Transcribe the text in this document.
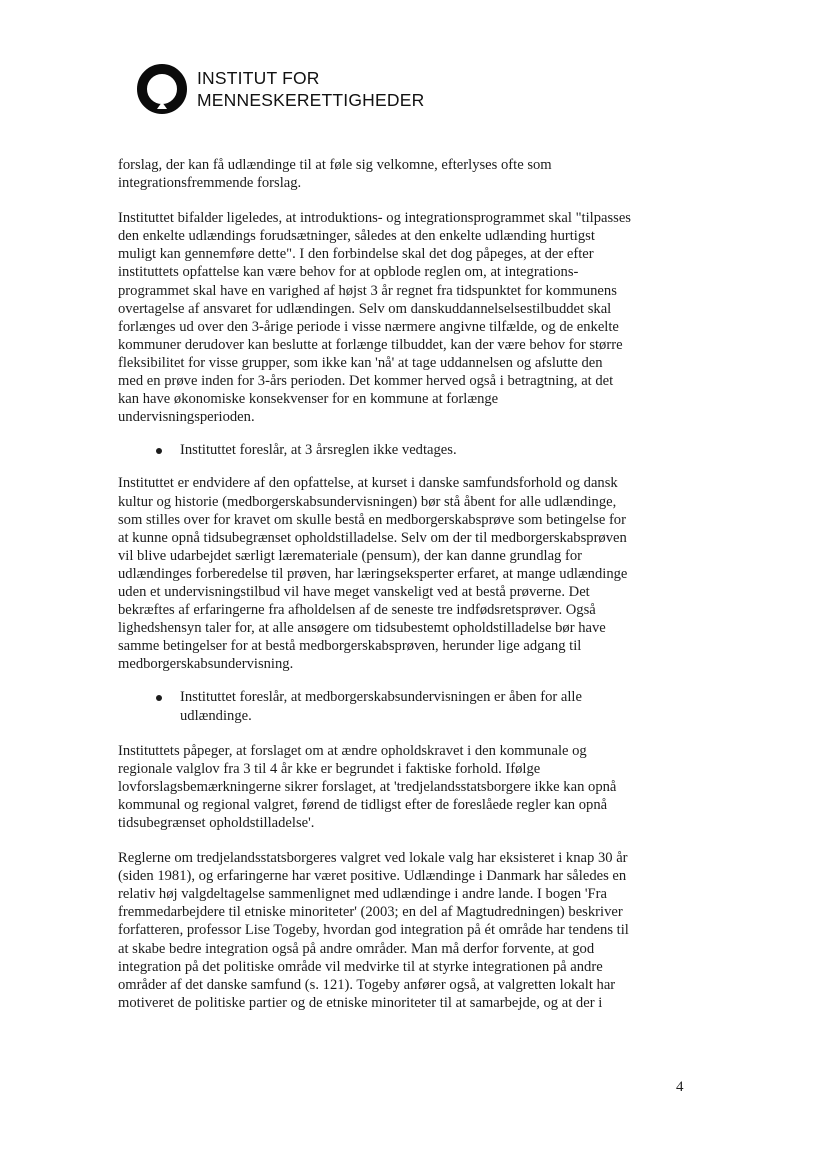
INSTITUT FOR
MENNESKERETTIGHEDER
forslag, der kan få udlændinge til at føle sig velkomne, efterlyses ofte som
integrationsfremmende forslag.
Instituttet bifalder ligeledes, at introduktions- og integrationsprogrammet skal "tilpasses
den enkelte udlændings forudsætninger, således at den enkelte udlænding hurtigst
muligt kan gennemføre dette". I den forbindelse skal det dog påpeges, at der efter
instituttets opfattelse kan være behov for at opblode reglen om, at integrations-
programmet skal have en varighed af højst 3 år regnet fra tidspunktet for kommunens
overtagelse af ansvaret for udlændingen. Selv om danskuddannelselsestilbuddet skal
forlænges ud over den 3-årige periode i visse nærmere angivne tilfælde, og de enkelte
kommuner derudover kan beslutte at forlænge tilbuddet, kan der være behov for større
fleksibilitet for visse grupper, som ikke kan 'nå' at tage uddannelsen og afslutte den
med en prøve inden for 3-års perioden. Det kommer herved også i betragtning, at det
kan have økonomiske konsekvenser for en kommune at forlænge
undervisningsperioden.
Instituttet foreslår, at 3 årsreglen ikke vedtages.
Instituttet er endvidere af den opfattelse, at kurset i danske samfundsforhold og dansk
kultur og historie (medborgerskabsundervisningen) bør stå åbent for alle udlændinge,
som stilles over for kravet om skulle bestå en medborgerskabsprøve som betingelse for
at kunne opnå tidsubegrænset opholdstilladelse. Selv om der til medborgerskabsprøven
vil blive udarbejdet særligt læremateriale (pensum), der kan danne grundlag for
udlændinges forberedelse til prøven, har læringseksperter erfaret, at mange udlændinge
uden et undervisningstilbud vil have meget vanskeligt ved at bestå prøverne. Det
bekræftes af erfaringerne fra afholdelsen af de seneste tre indfødsretsprøver. Også
lighedshensyn taler for, at alle ansøgere om tidsubestemt opholdstilladelse bør have
samme betingelser for at bestå medborgerskabsprøven, herunder lige adgang til
medborgerskabsundervisning.
Instituttet foreslår, at medborgerskabsundervisningen er åben for alle
udlændinge.
Instituttets påpeger, at forslaget om at ændre opholdskravet i den kommunale og
regionale valglov fra 3 til 4 år kke er begrundet i faktiske forhold. Ifølge
lovforslagsbemærkningerne sikrer forslaget, at 'tredjelandsstatsborgere ikke kan opnå
kommunal og regional valgret, førend de tidligst efter de foreslåede regler kan opnå
tidsubegrænset opholdstilladelse'.
Reglerne om tredjelandsstatsborgeres valgret ved lokale valg har eksisteret i knap 30 år
(siden 1981), og erfaringerne har været positive. Udlændinge i Danmark har således en
relativ høj valgdeltagelse sammenlignet med udlændinge i andre lande. I bogen 'Fra
fremmedarbejdere til etniske minoriteter' (2003; en del af Magtudredningen) beskriver
forfatteren, professor Lise Togeby, hvordan god integration på ét område har tendens til
at skabe bedre integration også på andre områder. Man må derfor forvente, at god
integration på det politiske område vil medvirke til at styrke integrationen på andre
områder af det danske samfund (s. 121). Togeby anfører også, at valgretten lokalt har
motiveret de politiske partier og de etniske minoriteter til at samarbejde, og at der i
4
